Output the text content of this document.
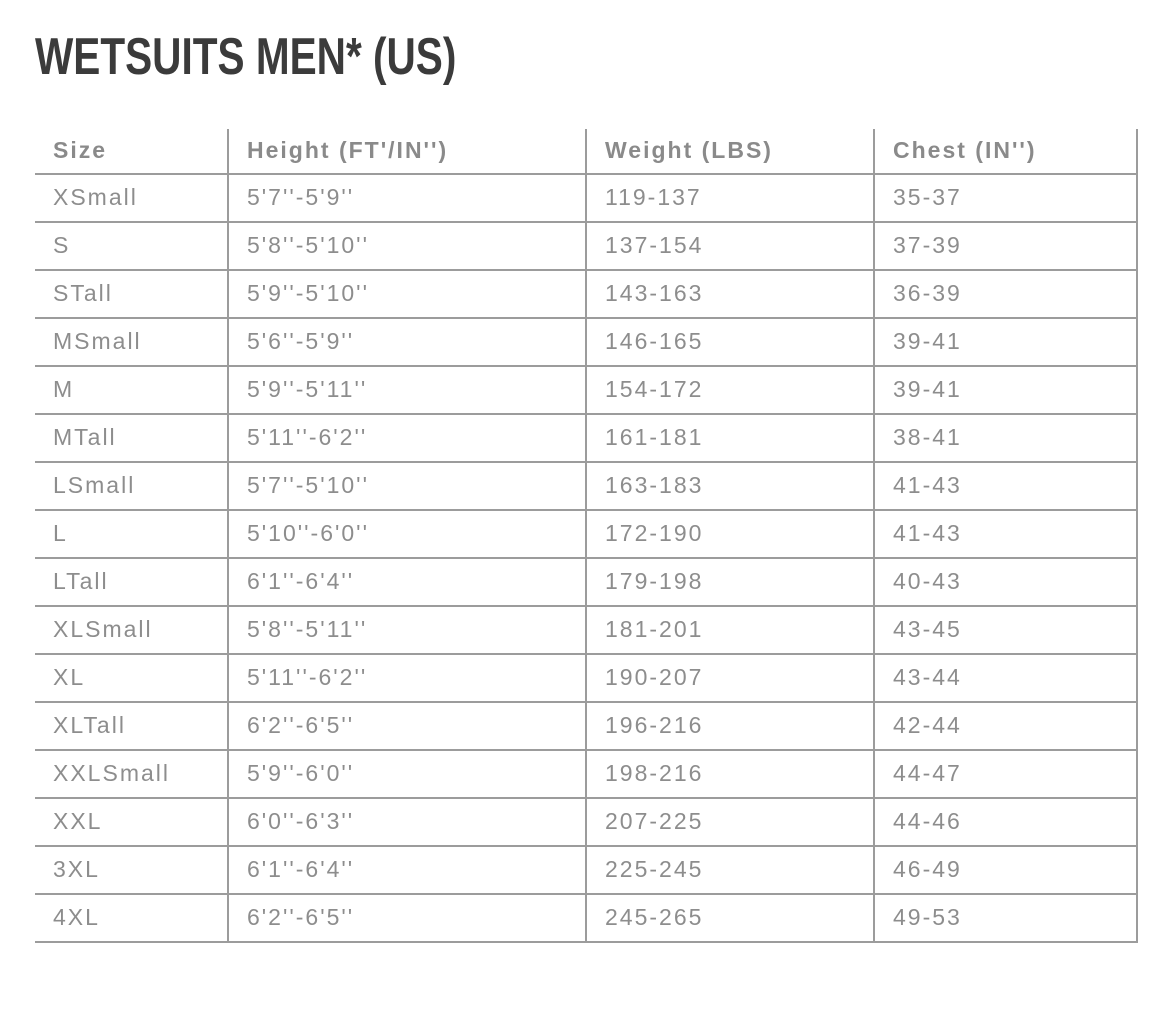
WETSUITS MEN* (US)
Size	Height (FT'/IN'')	Weight (LBS)	Chest (IN'')
XSmall	5'7''-5'9''	119-137	35-37
S	5'8''-5'10''	137-154	37-39
STall	5'9''-5'10''	143-163	36-39
MSmall	5'6''-5'9''	146-165	39-41
M	5'9''-5'11''	154-172	39-41
MTall	5'11''-6'2''	161-181	38-41
LSmall	5'7''-5'10''	163-183	41-43
L	5'10''-6'0''	172-190	41-43
LTall	6'1''-6'4''	179-198	40-43
XLSmall	5'8''-5'11''	181-201	43-45
XL	5'11''-6'2''	190-207	43-44
XLTall	6'2''-6'5''	196-216	42-44
XXLSmall	5'9''-6'0''	198-216	44-47
XXL	6'0''-6'3''	207-225	44-46
3XL	6'1''-6'4''	225-245	46-49
4XL	6'2''-6'5''	245-265	49-53
